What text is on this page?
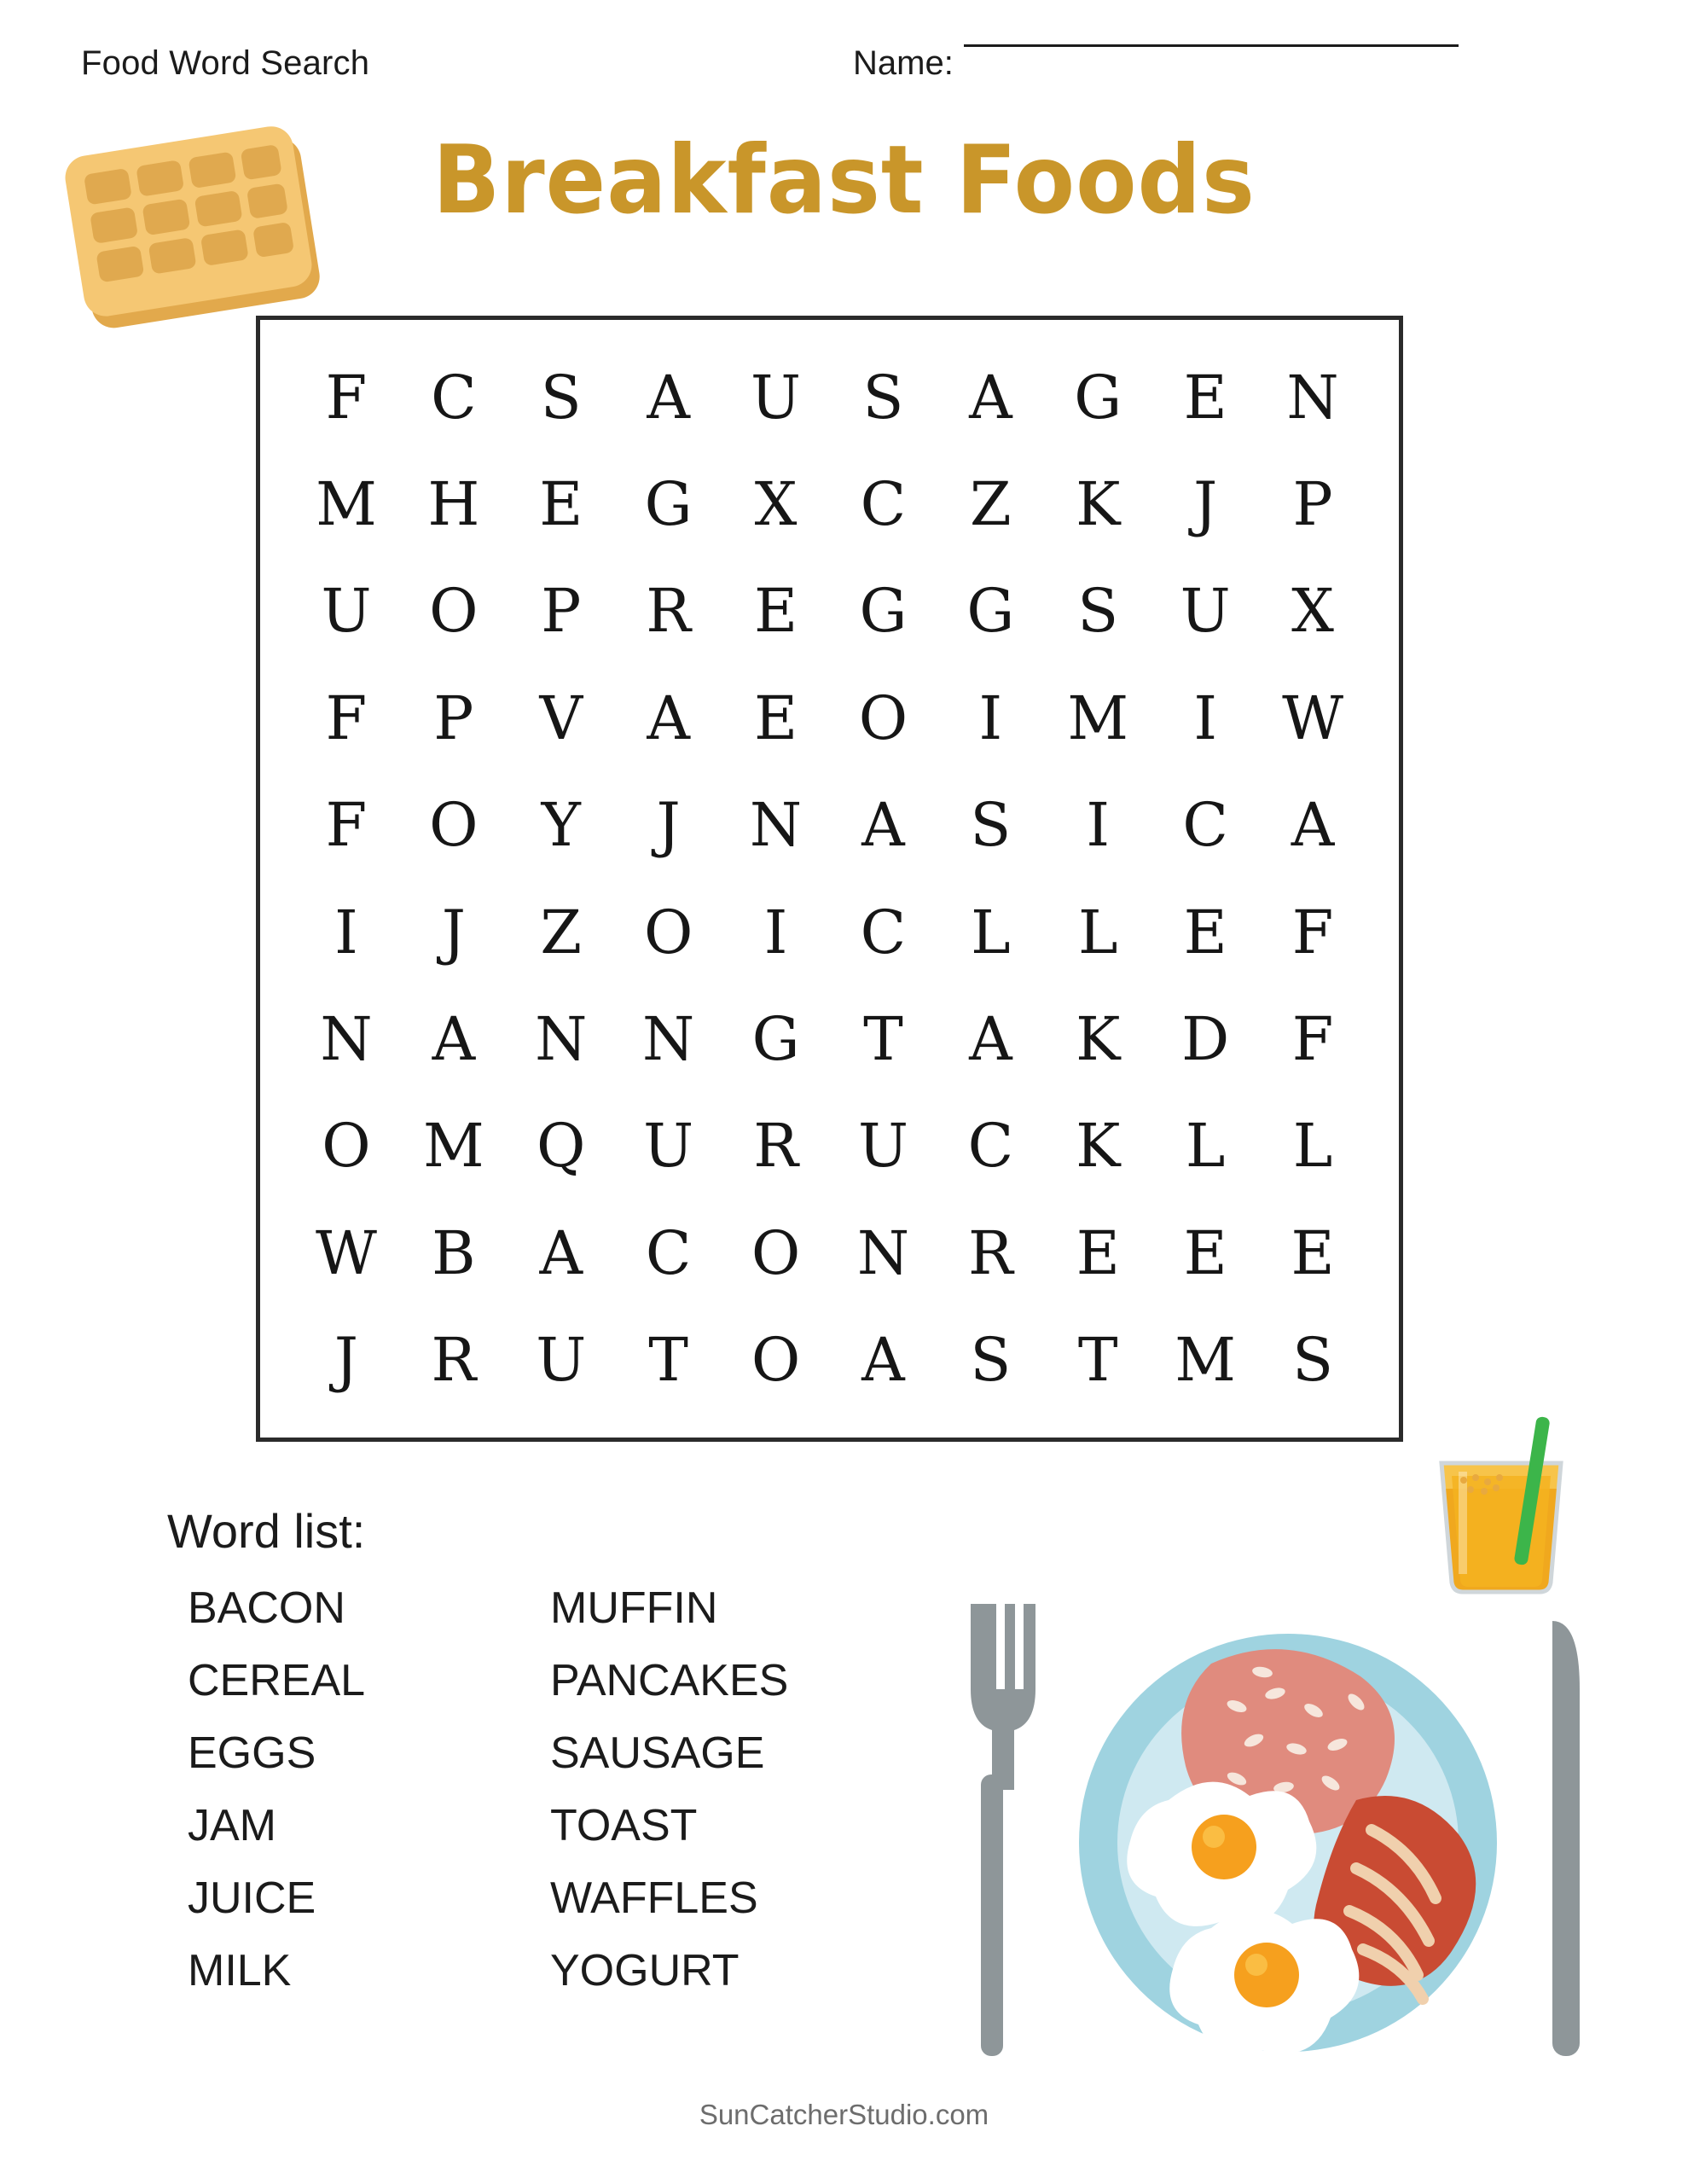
Food Word Search	Name:
Breakfast Foods
F	C	S	A	U	S	A	G	E N
M H E	G	X	C	Z	K	J	P
U O	P	R	E	G G	S	U	X
F	P	V	A	E	O	I	M	I	W
F	O	Y	J	N A	S	I	C	A
I	J	Z	O	I	C	L	L	E	F
N	A N N G	T	A	K	D	F
O M Q U	R	U C	K	L	L
W B	A	C	O N R	E	E	E
J	R	U	T	O	A	S	T M S
Word list:
BACON
CEREAL
EGGS
JAM
JUICE
MILK
MUFFIN
PANCAKES
SAUSAGE
TOAST
WAFFLES
YOGURT
SunCatcherStudio.com
